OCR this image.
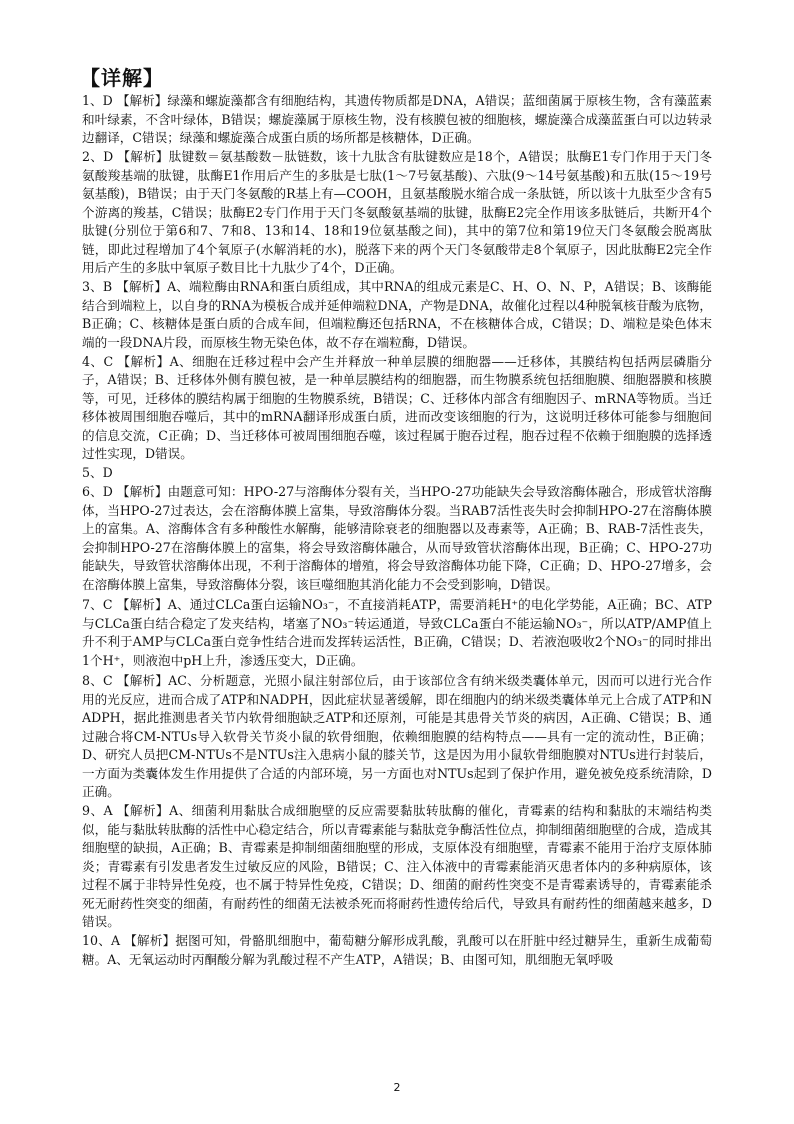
【详解】

1、D 【解析】绿藻和螺旋藻都含有细胞结构，其遗传物质都是DNA，A错误；蓝细菌属于原核生物，含有藻蓝素和叶绿素，不含叶绿体，B错误；螺旋藻属于原核生物，没有核膜包被的细胞核，螺旋藻合成藻蓝蛋白可以边转录边翻译，C错误；绿藻和螺旋藻合成蛋白质的场所都是核糖体，D正确。

2、D 【解析】肽键数＝氨基酸数－肽链数，该十九肽含有肽键数应是18个，A错误；肽酶E1专门作用于天门冬氨酸羧基端的肽键，肽酶E1作用后产生的多肽是七肽(1～7号氨基酸)、六肽(9～14号氨基酸)和五肽(15～19号氨基酸)，B错误；由于天门冬氨酸的R基上有—COOH，且氨基酸脱水缩合成一条肽链，所以该十九肽至少含有5个游离的羧基，C错误；肽酶E2专门作用于天门冬氨酸氨基端的肽键，肽酶E2完全作用该多肽链后，共断开4个肽键(分别位于第6和7、7和8、13和14、18和19位氨基酸之间)，其中的第7位和第19位天门冬氨酸会脱离肽链，即此过程增加了4个氧原子(水解消耗的水)，脱落下来的两个天门冬氨酸带走8个氧原子，因此肽酶E2完全作用后产生的多肽中氧原子数目比十九肽少了4个，D正确。

3、B 【解析】A、端粒酶由RNA和蛋白质组成，其中RNA的组成元素是C、H、O、N、P，A错误；B、该酶能结合到端粒上，以自身的RNA为模板合成并延伸端粒DNA，产物是DNA，故催化过程以4种脱氧核苷酸为底物，B正确；C、核糖体是蛋白质的合成车间，但端粒酶还包括RNA，不在核糖体合成，C错误；D、端粒是染色体末端的一段DNA片段，而原核生物无染色体，故不存在端粒酶，D错误。

4、C 【解析】A、细胞在迁移过程中会产生并释放一种单层膜的细胞器——迁移体，其膜结构包括两层磷脂分子，A错误；B、迁移体外侧有膜包被，是一种单层膜结构的细胞器，而生物膜系统包括细胞膜、细胞器膜和核膜等，可见，迁移体的膜结构属于细胞的生物膜系统，B错误；C、迁移体内部含有细胞因子、mRNA等物质。当迁移体被周围细胞吞噬后，其中的mRNA翻译形成蛋白质，进而改变该细胞的行为，这说明迁移体可能参与细胞间的信息交流，C正确；D、当迁移体可被周围细胞吞噬，该过程属于胞吞过程，胞吞过程不依赖于细胞膜的选择透过性实现，D错误。

5、D

6、D 【解析】由题意可知：HPO-27与溶酶体分裂有关，当HPO-27功能缺失会导致溶酶体融合，形成管状溶酶体，当HPO-27过表达，会在溶酶体膜上富集，导致溶酶体分裂。当RAB7活性丧失时会抑制HPO-27在溶酶体膜上的富集。A、溶酶体含有多种酸性水解酶，能够清除衰老的细胞器以及毒素等，A正确；B、RAB-7活性丧失，会抑制HPO-27在溶酶体膜上的富集，将会导致溶酶体融合，从而导致管状溶酶体出现，B正确；C、HPO-27功能缺失，导致管状溶酶体出现，不利于溶酶体的增殖，将会导致溶酶体功能下降，C正确；D、HPO-27增多，会在溶酶体膜上富集，导致溶酶体分裂，该巨噬细胞其消化能力不会受到影响，D错误。

7、C 【解析】A、通过CLCa蛋白运输NO₃⁻，不直接消耗ATP，需要消耗H⁺的电化学势能，A正确；BC、ATP与CLCa蛋白结合稳定了发夹结构，堵塞了NO₃⁻转运通道，导致CLCa蛋白不能运输NO₃⁻，所以ATP/AMP值上升不利于AMP与CLCa蛋白竞争性结合进而发挥转运活性，B正确，C错误；D、若液泡吸收2个NO₃⁻的同时排出1个H⁺，则液泡中pH上升，渗透压变大，D正确。

8、C 【解析】AC、分析题意，光照小鼠注射部位后，由于该部位含有纳米级类囊体单元，因而可以进行光合作用的光反应，进而合成了ATP和NADPH，因此症状显著缓解，即在细胞内的纳米级类囊体单元上合成了ATP和NADPH，据此推测患者关节内软骨细胞缺乏ATP和还原剂，可能是其患骨关节炎的病因，A正确、C错误；B、通过融合将CM-NTUs导入软骨关节炎小鼠的软骨细胞，依赖细胞膜的结构特点——具有一定的流动性，B正确；D、研究人员把CM-NTUs不是NTUs注入患病小鼠的膝关节，这是因为用小鼠软骨细胞膜对NTUs进行封装后，一方面为类囊体发生作用提供了合适的内部环境，另一方面也对NTUs起到了保护作用，避免被免疫系统清除，D正确。

9、A 【解析】A、细菌利用黏肽合成细胞壁的反应需要黏肽转肽酶的催化，青霉素的结构和黏肽的末端结构类似，能与黏肽转肽酶的活性中心稳定结合，所以青霉素能与黏肽竞争酶活性位点，抑制细菌细胞壁的合成，造成其细胞壁的缺损，A正确；B、青霉素是抑制细菌细胞壁的形成，支原体没有细胞壁，青霉素不能用于治疗支原体肺炎；青霉素有引发患者发生过敏反应的风险，B错误；C、注入体液中的青霉素能消灭患者体内的多种病原体，该过程不属于非特异性免疫，也不属于特异性免疫，C错误；D、细菌的耐药性突变不是青霉素诱导的，青霉素能杀死无耐药性突变的细菌，有耐药性的细菌无法被杀死而将耐药性遗传给后代，导致具有耐药性的细菌越来越多，D错误。

10、A 【解析】据图可知，骨骼肌细胞中，葡萄糖分解形成乳酸，乳酸可以在肝脏中经过糖异生，重新生成葡萄糖。A、无氧运动时丙酮酸分解为乳酸过程不产生ATP，A错误；B、由图可知，肌细胞无氧呼吸

2
